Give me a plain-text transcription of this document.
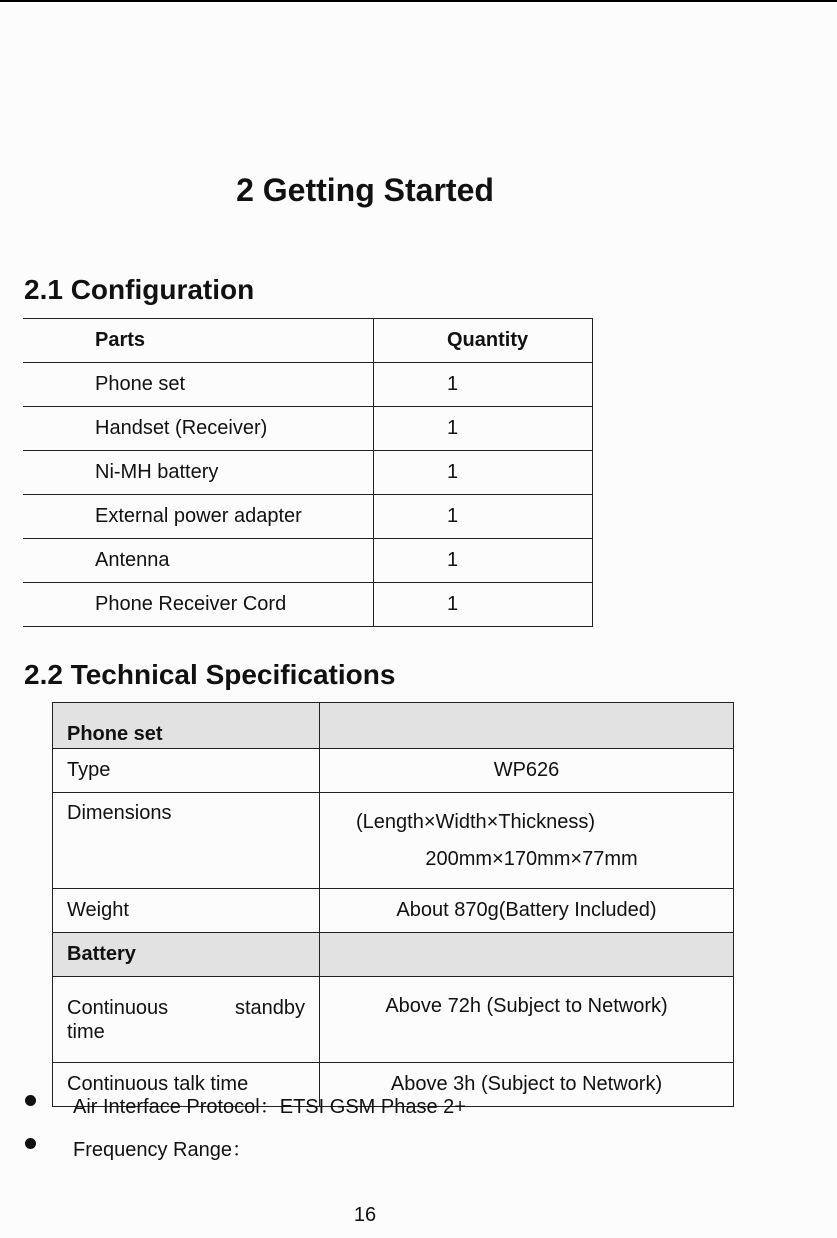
2 Getting Started
2.1 Configuration
Parts	Quantity
Phone set	1
Handset (Receiver)	1
Ni-MH battery	1
External power adapter	1
Antenna	1
Phone Receiver Cord	1
2.2 Technical Specifications
Phone set	
Type	WP626
Dimensions	(Length×Width×Thickness)
200mm×170mm×77mm

Weight	About 870g(Battery Included)
Battery	

Continuous standby
time	Above 72h (Subject to Network)
Continuous talk time	Above 3h (Subject to Network)
Air Interface Protocol：ETSI GSM Phase 2+
Frequency Range：
16
